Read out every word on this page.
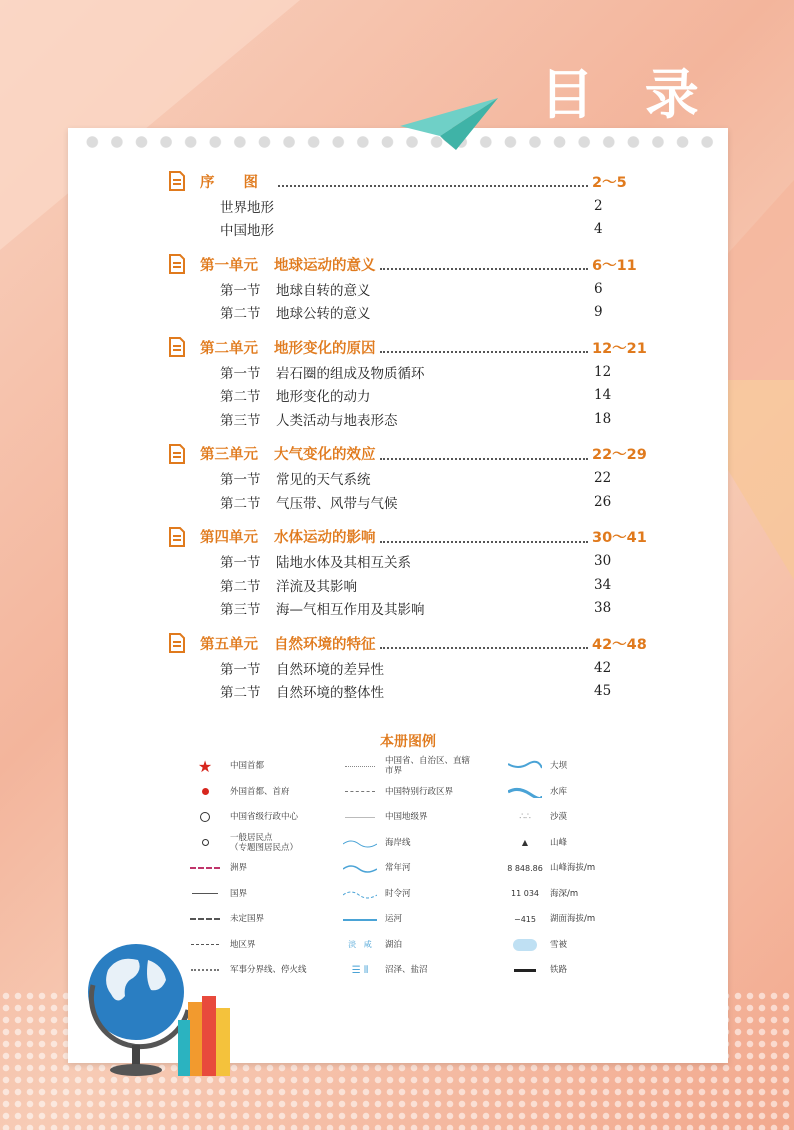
目 录
序　　图	2～5
世界地形	2
中国地形	4
第一单元 地球运动的意义	6～11
第一节	地球自转的意义	6
第二节	地球公转的意义	9
第二单元 地形变化的原因	12～21
第一节	岩石圈的组成及物质循环	12
第二节	地形变化的动力	14
第三节	人类活动与地表形态	18
第三单元 大气变化的效应	22～29
第一节	常见的天气系统	22
第二节	气压带、风带与气候	26
第四单元 水体运动的影响	30～41
第一节	陆地水体及其相互关系	30
第二节	洋流及其影响	34
第三节	海—气相互作用及其影响	38
第五单元 自然环境的特征	42～48
第一节	自然环境的差异性	42
第二节	自然环境的整体性	45
本册图例
★ 中国首都
外国首都、首府
中国省级行政中心
一般居民点
（专题图居民点）
洲界
国界
未定国界
地区界
军事分界线、停火线
中国省、自治区、直辖市界
中国特别行政区界
中国地级界
海岸线
常年河
时令河
运河
淡   咸 湖泊
☰ ⦀ 沼泽、盐沼
大坝
水库
∴∴ 沙漠
▲	山峰
8 848.86 山峰海拔/m
11 034 海深/m
−415 湖面海拔/m
雪被
铁路
